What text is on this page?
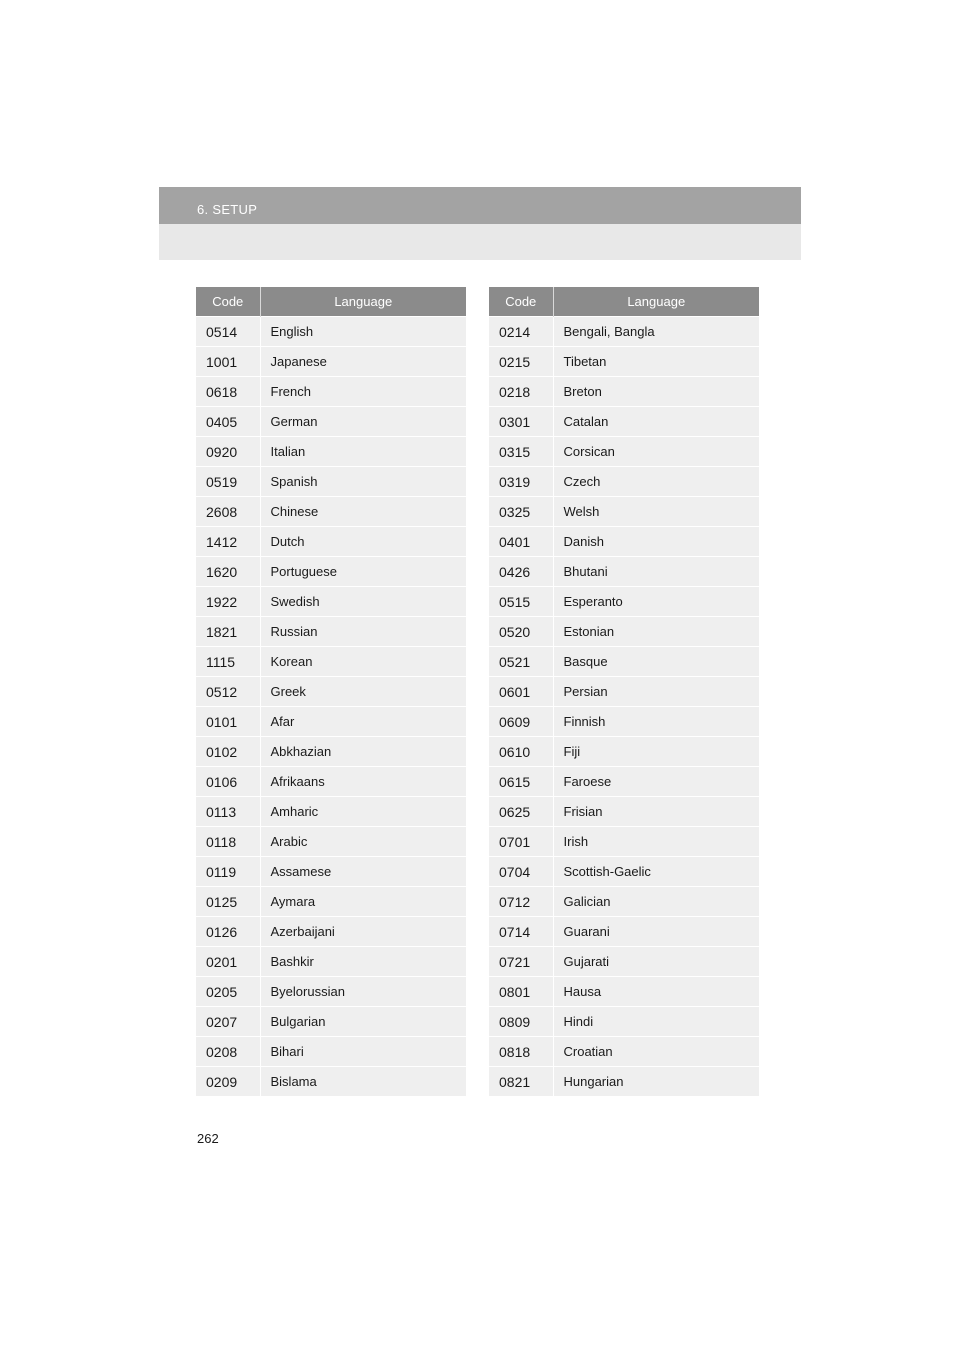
6. SETUP
Code	Language
0514	English
1001	Japanese
0618	French
0405	German
0920	Italian
0519	Spanish
2608	Chinese
1412	Dutch
1620	Portuguese
1922	Swedish
1821	Russian
1115	Korean
0512	Greek
0101	Afar
0102	Abkhazian
0106	Afrikaans
0113	Amharic
0118	Arabic
0119	Assamese
0125	Aymara
0126	Azerbaijani
0201	Bashkir
0205	Byelorussian
0207	Bulgarian
0208	Bihari
0209	Bislama
Code	Language
0214	Bengali, Bangla
0215	Tibetan
0218	Breton
0301	Catalan
0315	Corsican
0319	Czech
0325	Welsh
0401	Danish
0426	Bhutani
0515	Esperanto
0520	Estonian
0521	Basque
0601	Persian
0609	Finnish
0610	Fiji
0615	Faroese
0625	Frisian
0701	Irish
0704	Scottish-Gaelic
0712	Galician
0714	Guarani
0721	Gujarati
0801	Hausa
0809	Hindi
0818	Croatian
0821	Hungarian
262
